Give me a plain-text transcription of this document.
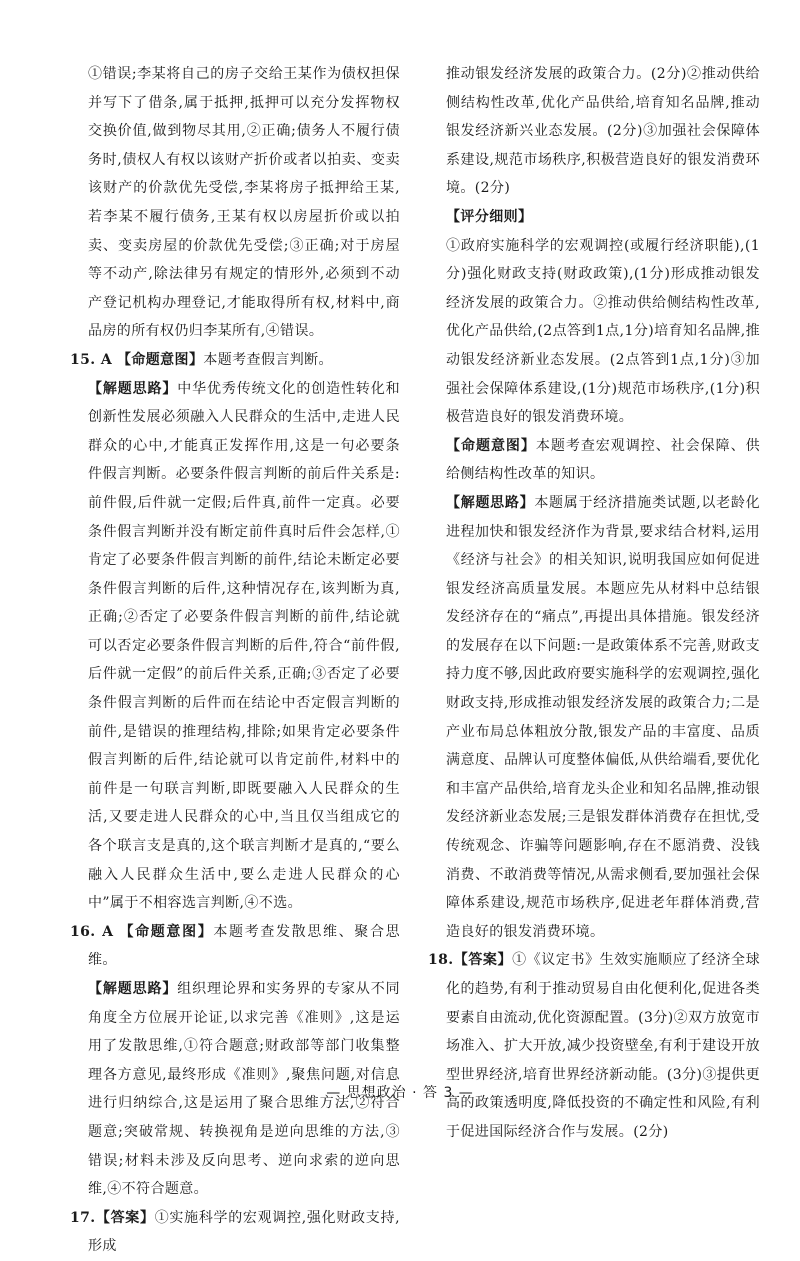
①错误;李某将自己的房子交给王某作为债权担保并写下了借条,属于抵押,抵押可以充分发挥物权交换价值,做到物尽其用,②正确;债务人不履行债务时,债权人有权以该财产折价或者以拍卖、变卖该财产的价款优先受偿,李某将房子抵押给王某,若李某不履行债务,王某有权以房屋折价或以拍卖、变卖房屋的价款优先受偿;③正确;对于房屋等不动产,除法律另有规定的情形外,必须到不动产登记机构办理登记,才能取得所有权,材料中,商品房的所有权仍归李某所有,④错误。

15. A 【命题意图】本题考查假言判断。

【解题思路】中华优秀传统文化的创造性转化和创新性发展必须融入人民群众的生活中,走进人民群众的心中,才能真正发挥作用,这是一句必要条件假言判断。必要条件假言判断的前后件关系是:前件假,后件就一定假;后件真,前件一定真。必要条件假言判断并没有断定前件真时后件会怎样,①肯定了必要条件假言判断的前件,结论未断定必要条件假言判断的后件,这种情况存在,该判断为真,正确;②否定了必要条件假言判断的前件,结论就可以否定必要条件假言判断的后件,符合“前件假,后件就一定假”的前后件关系,正确;③否定了必要条件假言判断的后件而在结论中否定假言判断的前件,是错误的推理结构,排除;如果肯定必要条件假言判断的后件,结论就可以肯定前件,材料中的前件是一句联言判断,即既要融入人民群众的生活,又要走进人民群众的心中,当且仅当组成它的各个联言支是真的,这个联言判断才是真的,“要么融入人民群众生活中,要么走进人民群众的心中”属于不相容选言判断,④不选。

16. A 【命题意图】本题考查发散思维、聚合思维。

【解题思路】组织理论界和实务界的专家从不同角度全方位展开论证,以求完善《准则》,这是运用了发散思维,①符合题意;财政部等部门收集整理各方意见,最终形成《准则》,聚焦问题,对信息进行归纳综合,这是运用了聚合思维方法,②符合题意;突破常规、转换视角是逆向思维的方法,③错误;材料未涉及反向思考、逆向求索的逆向思维,④不符合题意。

17.【答案】①实施科学的宏观调控,强化财政支持,形成

推动银发经济发展的政策合力。(2分)②推动供给侧结构性改革,优化产品供给,培育知名品牌,推动银发经济新兴业态发展。(2分)③加强社会保障体系建设,规范市场秩序,积极营造良好的银发消费环境。(2分)

【评分细则】

①政府实施科学的宏观调控(或履行经济职能),(1分)强化财政支持(财政政策),(1分)形成推动银发经济发展的政策合力。②推动供给侧结构性改革,优化产品供给,(2点答到1点,1分)培育知名品牌,推动银发经济新业态发展。(2点答到1点,1分)③加强社会保障体系建设,(1分)规范市场秩序,(1分)积极营造良好的银发消费环境。

【命题意图】本题考查宏观调控、社会保障、供给侧结构性改革的知识。

【解题思路】本题属于经济措施类试题,以老龄化进程加快和银发经济作为背景,要求结合材料,运用《经济与社会》的相关知识,说明我国应如何促进银发经济高质量发展。本题应先从材料中总结银发经济存在的“痛点”,再提出具体措施。银发经济的发展存在以下问题:一是政策体系不完善,财政支持力度不够,因此政府要实施科学的宏观调控,强化财政支持,形成推动银发经济发展的政策合力;二是产业布局总体粗放分散,银发产品的丰富度、品质满意度、品牌认可度整体偏低,从供给端看,要优化和丰富产品供给,培育龙头企业和知名品牌,推动银发经济新业态发展;三是银发群体消费存在担忧,受传统观念、诈骗等问题影响,存在不愿消费、没钱消费、不敢消费等情况,从需求侧看,要加强社会保障体系建设,规范市场秩序,促进老年群体消费,营造良好的银发消费环境。

18.【答案】①《议定书》生效实施顺应了经济全球化的趋势,有利于推动贸易自由化便利化,促进各类要素自由流动,优化资源配置。(3分)②双方放宽市场准入、扩大开放,减少投资壁垒,有利于建设开放型世界经济,培育世界经济新动能。(3分)③提供更高的政策透明度,降低投资的不确定性和风险,有利于促进国际经济合作与发展。(2分)

— 思想政治 · 答 3 —
